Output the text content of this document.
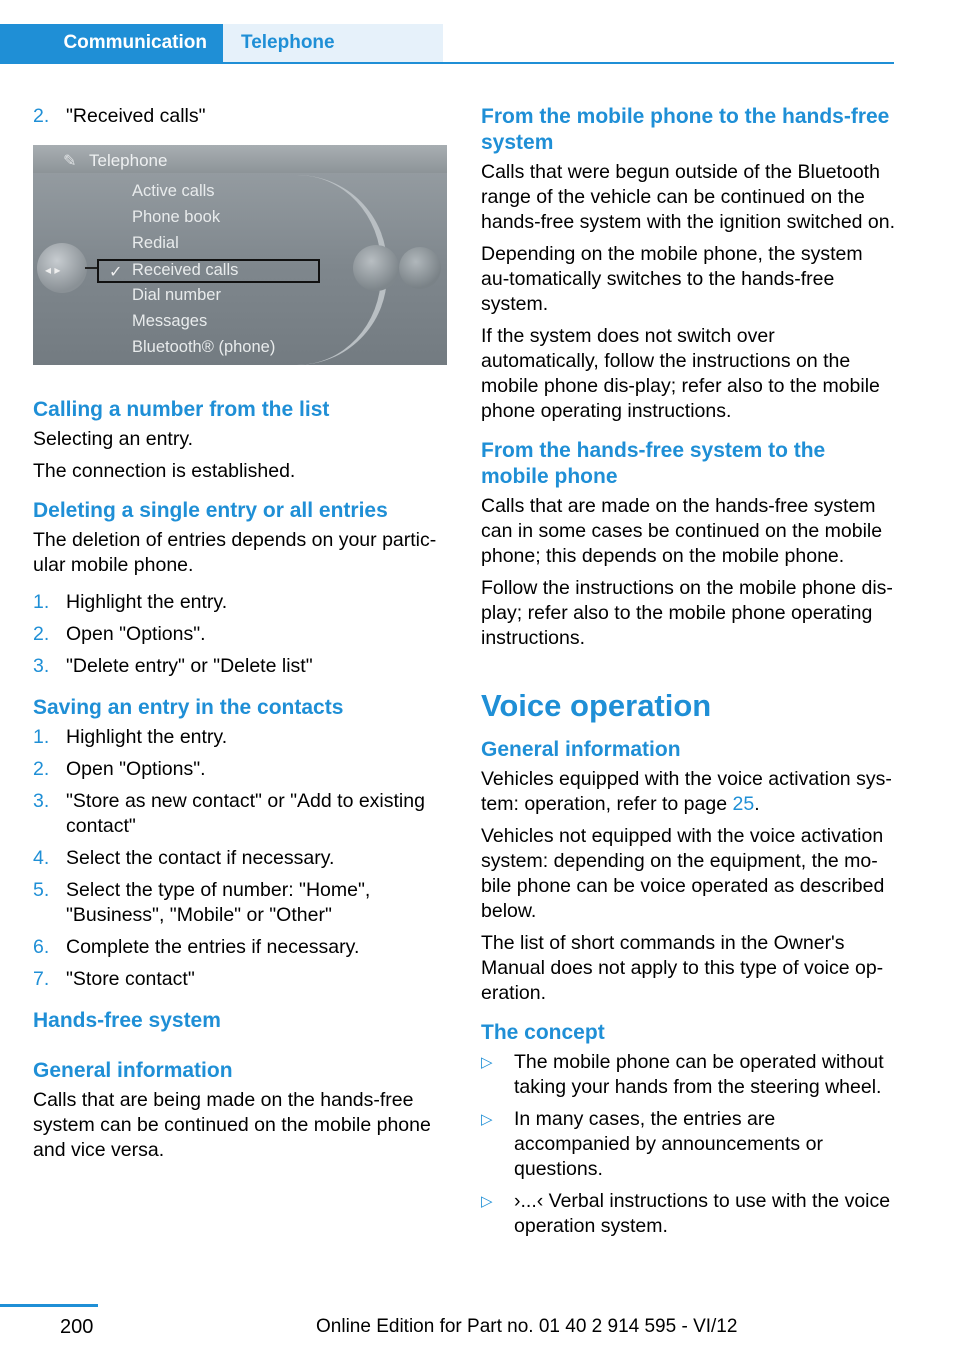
Communication	Telephone
2. "Received calls"
✎ Telephone
◂ ▸	✓
Active calls
Phone book
Redial
Received calls
Dial number
Messages
Bluetooth® (phone)
Calling a number from the list

Selecting an entry.

The connection is established.

Deleting a single entry or all entries

The deletion of entries depends on your partic‐ular mobile phone.

1. Highlight the entry.
2. Open "Options".
3. "Delete entry" or "Delete list"
Saving an entry in the contacts
1. Highlight the entry.
2. Open "Options".
3. "Store as new contact" or "Add to existing contact"
4. Select the contact if necessary.
5. Select the type of number: "Home", "Business", "Mobile" or "Other"
6. Complete the entries if necessary.
7. "Store contact"
Hands-free system
General information

Calls that are being made on the hands-free system can be continued on the mobile phone and vice versa.

From the mobile phone to the hands-free system

Calls that were begun outside of the Bluetooth range of the vehicle can be continued on the hands-free system with the ignition switched on.

Depending on the mobile phone, the system au‐tomatically switches to the hands-free system.

If the system does not switch over automatically, follow the instructions on the mobile phone dis‐play; refer also to the mobile phone operating instructions.

From the hands-free system to the mobile phone

Calls that are made on the hands-free system can in some cases be continued on the mobile phone; this depends on the mobile phone.

Follow the instructions on the mobile phone dis‐play; refer also to the mobile phone operating instructions.

Voice operation
General information

Vehicles equipped with the voice activation sys‐tem: operation, refer to page 25.

Vehicles not equipped with the voice activation system: depending on the equipment, the mo‐bile phone can be voice operated as described below.

The list of short commands in the Owner's Manual does not apply to this type of voice op‐eration.

The concept
▷ The mobile phone can be operated without taking your hands from the steering wheel.
▷ In many cases, the entries are accompanied by announcements or questions.
▷ ›...‹ Verbal instructions to use with the voice operation system.
200	Online Edition for Part no. 01 40 2 914 595 - VI/12
